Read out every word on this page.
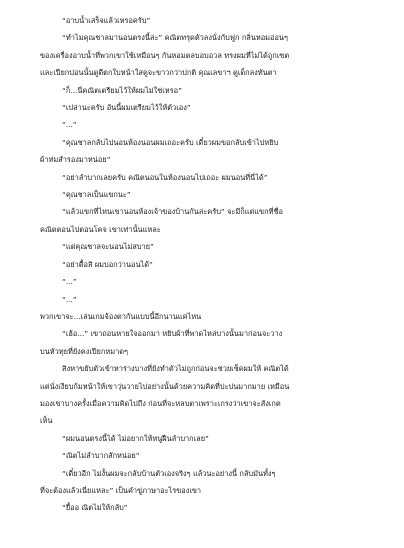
“อาบน้ำเสร็จแล้วเหรอครับ”

“ทำไมคุณชาลมานอนตรงนี้ล่ะ” คณิตทรุดตัวลงนั่งกับฟูก กลิ่นหอมอ่อนๆ

ของเครื่องอาบน้ำที่พวกเขาใช้เหมือนๆ กันหอมตลบอบอวล ทรงผมที่ไม่ได้ถูกเซต

และเปียกปอนนั้นดูดีตกใบหน้าใสดูจะขาวกว่าปกติ คุณเลขาฯ ดูเด็กลงทันตา

“ก็...นี่คณิตเตรียมไว้ให้ผมไม่ใช่เหรอ”

“เปล่านะครับ อันนี้ผมเตรียมไว้ให้ตัวเอง”

“...”

“คุณชาลกลับไปนอนห้องนอนผมเถอะครับ เดี๋ยวผมขอกลับเข้าไปหยิบ

ผ้าห่มสำรองมาหน่อย”

“อย่าลำบากเลยครับ คณิตนอนในห้องนอนไปเถอะ ผมนอนที่นี่ได้”

“คุณชาลเป็นแขกนะ”

“แล้วแขกที่ไหนเขานอนห้องเจ้าของบ้านกันล่ะครับ” จะมีก็แต่แขกที่ชื่อ

คณิตตอนไปตอนโคจ เขาเท่านั้นแหละ

“แต่คุณชาลจะนอนไม่สบาย”

“อย่าดื้อสิ ผมบอกว่านอนได้”

“...”

“...”

พวกเขาจะ...เล่นเกมจ้องตากันแบบนี้อีกนานแค่ไหน

“เฮ้อ...” เขาถอนหายใจออกมา หยิบผ้าที่พาดไหล่บางนั้นมาก่อนจะวาง

บนหัวทุยที่ยังคงเปียกหมาดๆ

สิงหาขยับตัวเข้าหาร่างบางที่ยังทำตัวไม่ถูกก่อนจะช่วยเช็ดผมให้ คณิตได้

แต่นั่งเงียบก้มหน้าให้เขาวุ่นวายไปอย่างนั้นด้วยความคิดที่ปะปนมากมาย เหมือน

มองเขาบางครั้งเมื่อความคิดไปถึง ก่อนที่จะหลบตาเพราะเกรงว่าเขาจะสังเกต

เห็น

“ผมนอนตรงนี้ได้ ไม่อยากให้หนูฝืนลำบากเลย”

“ณิตไม่ลำบากสักหน่อย”

“เดี๋ยวอีก ไม่งั้นผมจะกลับบ้านตัวเองจริงๆ แล้วนะอย่างนี้ กลับมันทั้งๆ

ที่จะต้องแล้วเนี่ยแหละ” เป็นคำขู่ภาษาอะไรของเขา

“ยื้ออ ณิตไม่ให้กลับ”
